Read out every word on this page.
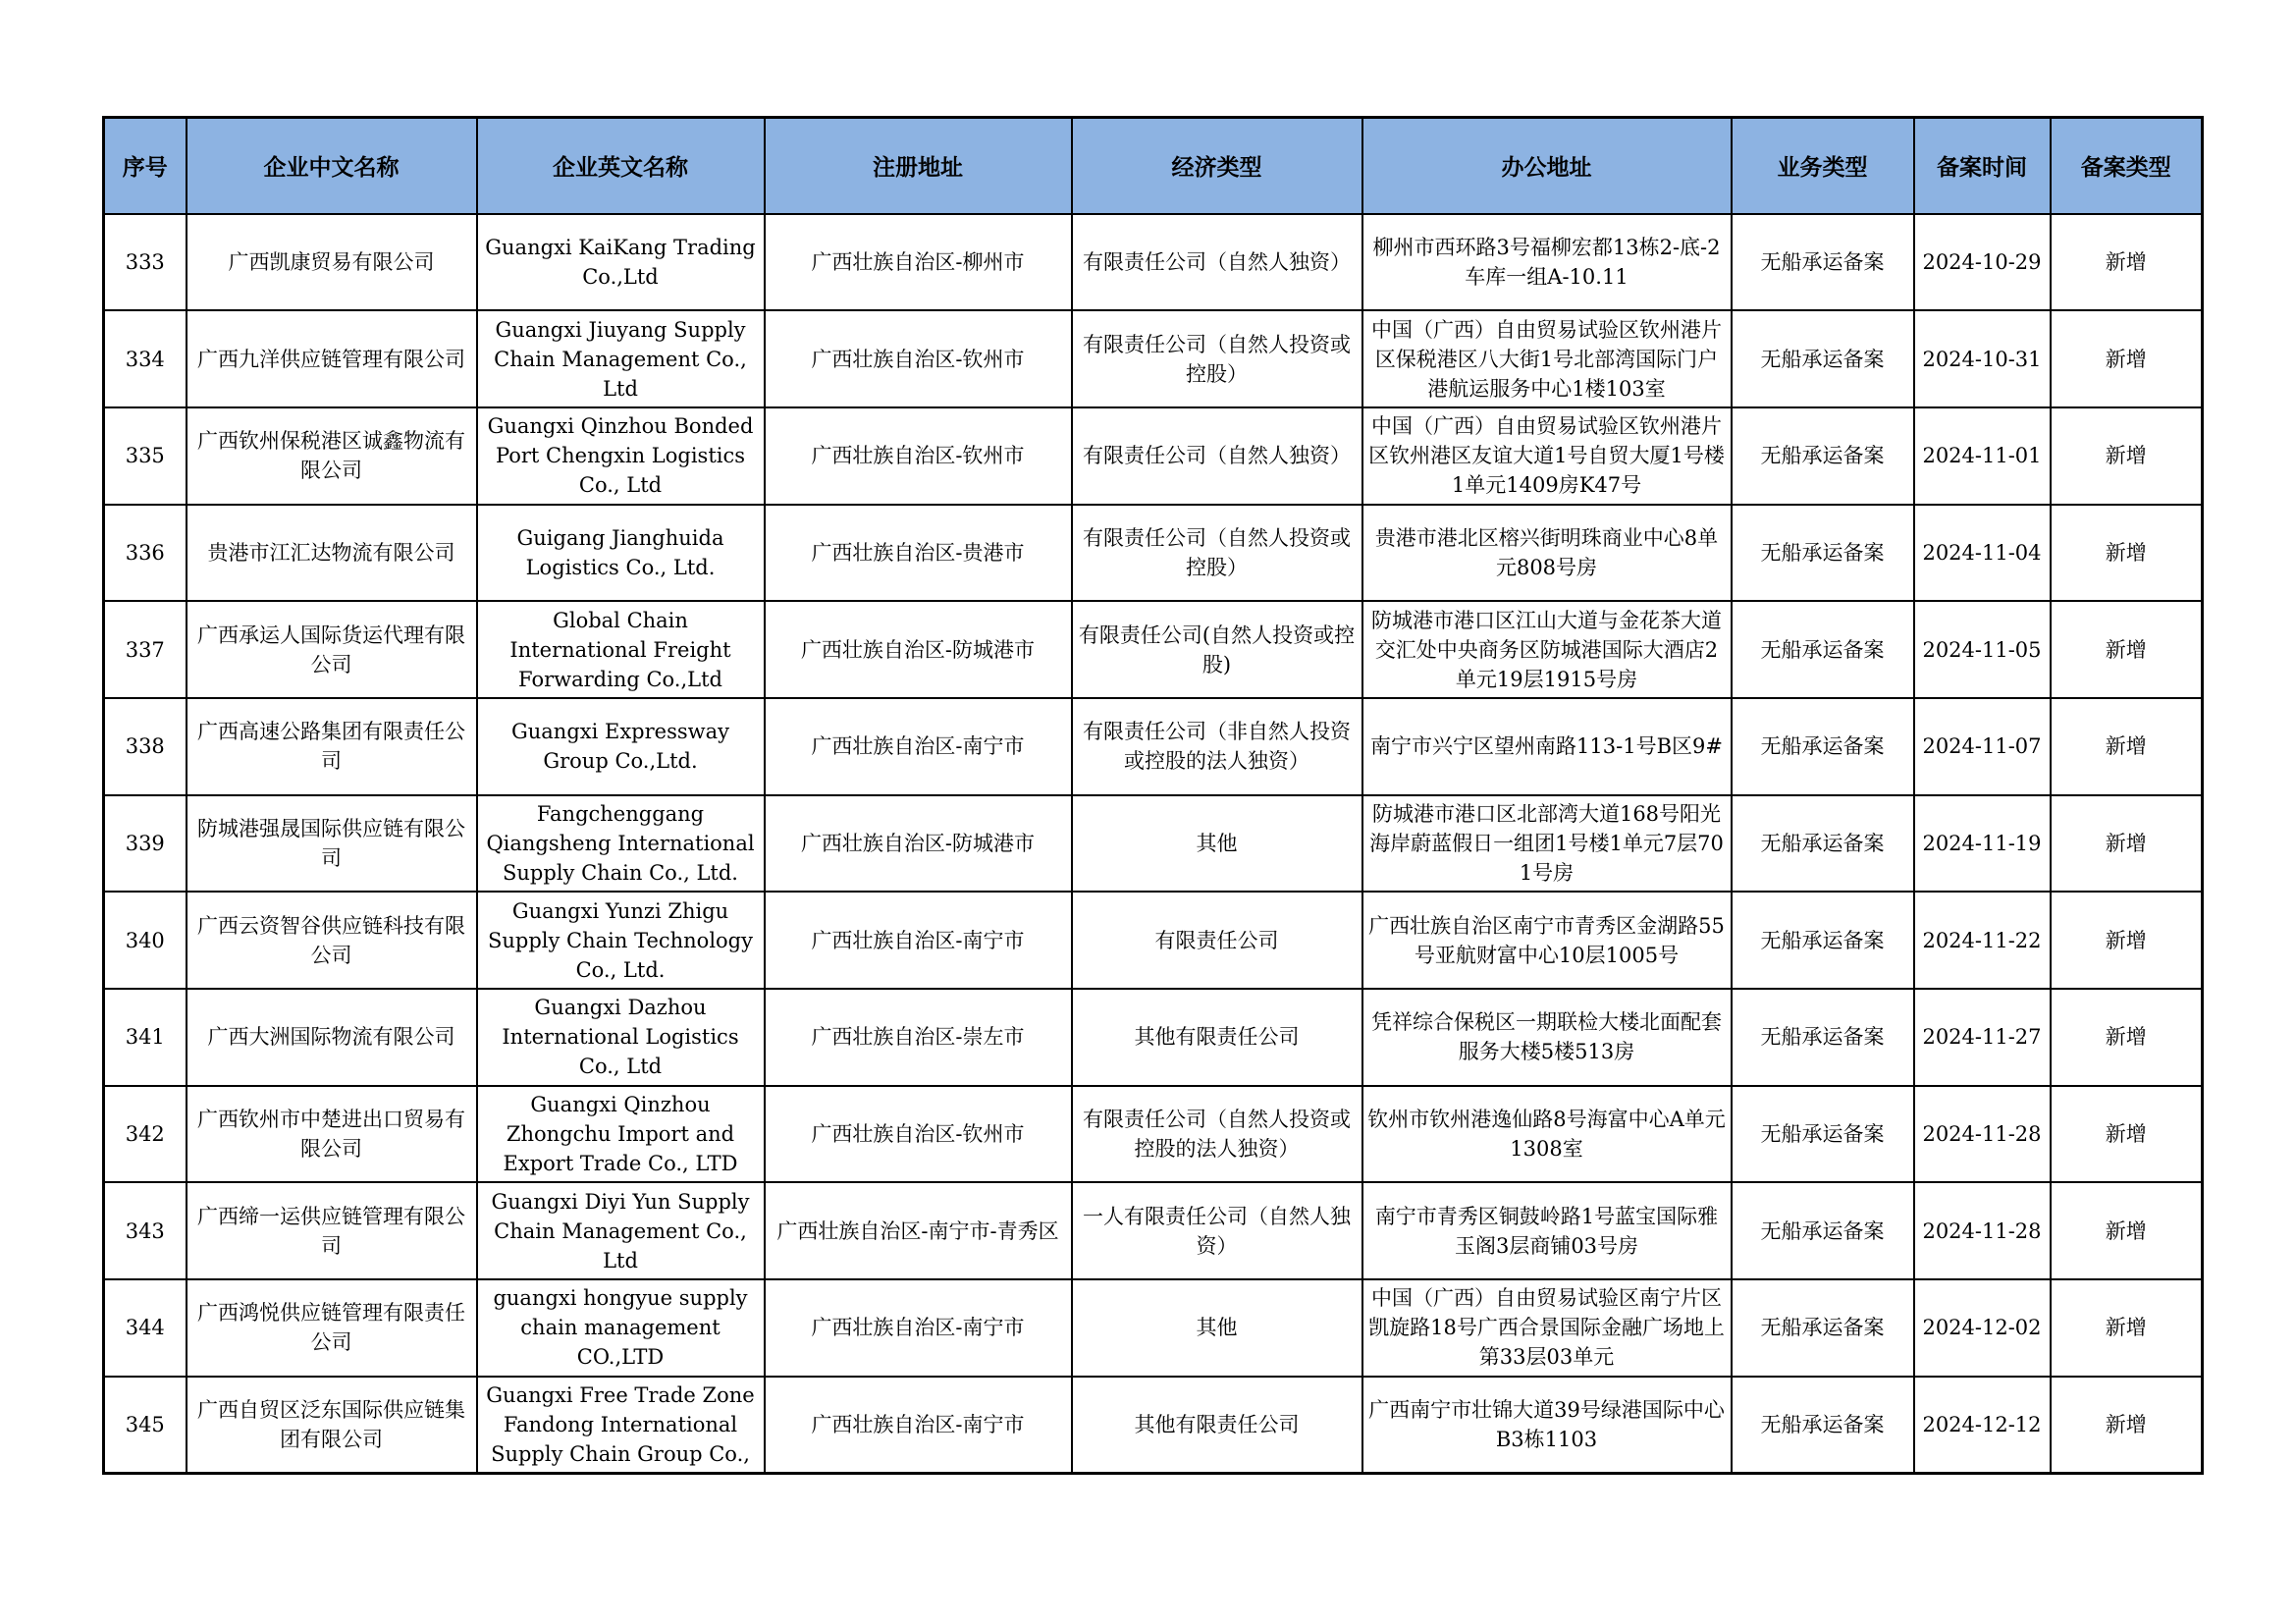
序号	企业中文名称	企业英文名称	注册地址	经济类型	办公地址	业务类型	备案时间	备案类型

333	广西凯康贸易有限公司	Guangxi KaiKang Trading Co.,Ltd	广西壮族自治区-柳州市	有限责任公司（自然人独资）	柳州市西环路3号福柳宏都13栋2-底-2车库一组A-10.11	无船承运备案	2024-10-29	新增

334	广西九洋供应链管理有限公司	Guangxi Jiuyang Supply Chain Management Co., Ltd	广西壮族自治区-钦州市	有限责任公司（自然人投资或控股）	中国（广西）自由贸易试验区钦州港片区保税港区八大街1号北部湾国际门户港航运服务中心1楼103室	无船承运备案	2024-10-31	新增

335	广西钦州保税港区诚鑫物流有限公司	Guangxi Qinzhou Bonded Port Chengxin Logistics Co., Ltd	广西壮族自治区-钦州市	有限责任公司（自然人独资）	中国（广西）自由贸易试验区钦州港片区钦州港区友谊大道1号自贸大厦1号楼1单元1409房K47号	无船承运备案	2024-11-01	新增

336	贵港市江汇达物流有限公司	Guigang Jianghuida Logistics Co., Ltd.	广西壮族自治区-贵港市	有限责任公司（自然人投资或控股）	贵港市港北区榕兴街明珠商业中心8单元808号房	无船承运备案	2024-11-04	新增

337	广西承运人国际货运代理有限公司	Global Chain International Freight Forwarding Co.,Ltd	广西壮族自治区-防城港市	有限责任公司(自然人投资或控股)	防城港市港口区江山大道与金花茶大道交汇处中央商务区防城港国际大酒店2单元19层1915号房	无船承运备案	2024-11-05	新增

338	广西高速公路集团有限责任公司	Guangxi Expressway Group Co.,Ltd.	广西壮族自治区-南宁市	有限责任公司（非自然人投资或控股的法人独资）	南宁市兴宁区望州南路113-1号B区9#	无船承运备案	2024-11-07	新增

339	防城港强晟国际供应链有限公司	Fangchenggang Qiangsheng International Supply Chain Co., Ltd.	广西壮族自治区-防城港市	其他	防城港市港口区北部湾大道168号阳光海岸蔚蓝假日一组团1号楼1单元7层701号房	无船承运备案	2024-11-19	新增

340	广西云资智谷供应链科技有限公司	Guangxi Yunzi Zhigu Supply Chain Technology Co., Ltd.	广西壮族自治区-南宁市	有限责任公司	广西壮族自治区南宁市青秀区金湖路55号亚航财富中心10层1005号	无船承运备案	2024-11-22	新增

341	广西大洲国际物流有限公司	Guangxi Dazhou International Logistics Co., Ltd	广西壮族自治区-崇左市	其他有限责任公司	凭祥综合保税区一期联检大楼北面配套服务大楼5楼513房	无船承运备案	2024-11-27	新增

342	广西钦州市中楚进出口贸易有限公司	Guangxi Qinzhou Zhongchu Import and Export Trade Co., LTD	广西壮族自治区-钦州市	有限责任公司（自然人投资或控股的法人独资）	钦州市钦州港逸仙路8号海富中心A单元1308室	无船承运备案	2024-11-28	新增

343	广西缔一运供应链管理有限公司	Guangxi Diyi Yun Supply Chain Management Co., Ltd	广西壮族自治区-南宁市-青秀区	一人有限责任公司（自然人独资）	南宁市青秀区铜鼓岭路1号蓝宝国际雅玉阁3层商铺03号房	无船承运备案	2024-11-28	新增

344	广西鸿悦供应链管理有限责任公司	guangxi hongyue supply chain management CO.,LTD	广西壮族自治区-南宁市	其他	中国（广西）自由贸易试验区南宁片区凯旋路18号广西合景国际金融广场地上第33层03单元	无船承运备案	2024-12-02	新增

345	广西自贸区泛东国际供应链集团有限公司	Guangxi Free Trade Zone Fandong International Supply Chain Group Co.,	广西壮族自治区-南宁市	其他有限责任公司	广西南宁市壮锦大道39号绿港国际中心B3栋1103	无船承运备案	2024-12-12	新增
